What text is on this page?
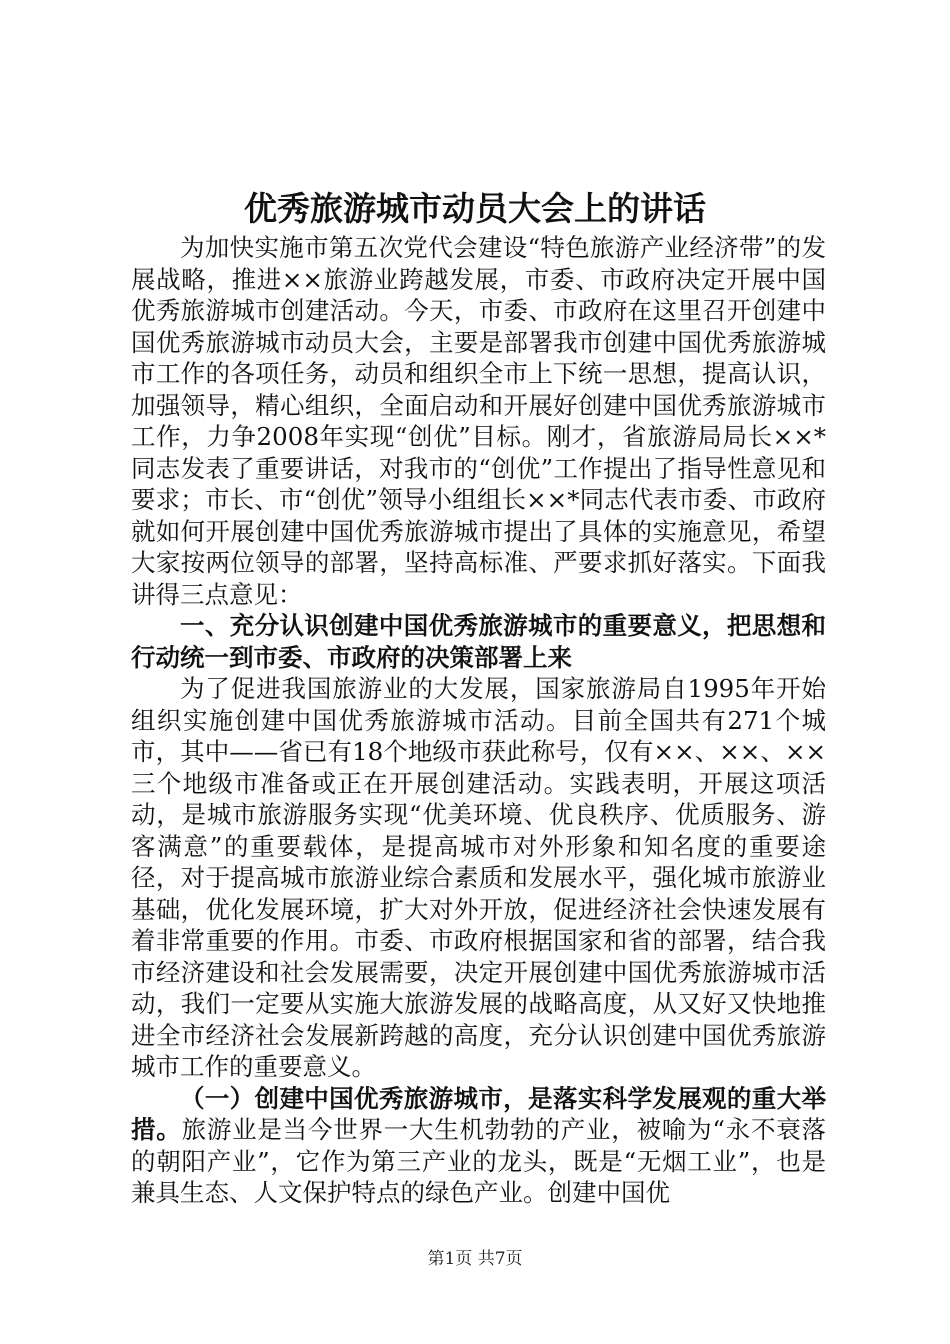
优秀旅游城市动员大会上的讲话

为加快实施市第五次党代会建设“特色旅游产业经济带”的发展战略，推进××旅游业跨越发展，市委、市政府决定开展中国优秀旅游城市创建活动。今天，市委、市政府在这里召开创建中国优秀旅游城市动员大会，主要是部署我市创建中国优秀旅游城市工作的各项任务，动员和组织全市上下统一思想，提高认识，加强领导，精心组织，全面启动和开展好创建中国优秀旅游城市工作，力争2008年实现“创优”目标。刚才，省旅游局局长××*同志发表了重要讲话，对我市的“创优”工作提出了指导性意见和要求；市长、市“创优”领导小组组长××*同志代表市委、市政府就如何开展创建中国优秀旅游城市提出了具体的实施意见，希望大家按两位领导的部署，坚持高标准、严要求抓好落实。下面我讲得三点意见：

一、充分认识创建中国优秀旅游城市的重要意义，把思想和行动统一到市委、市政府的决策部署上来

为了促进我国旅游业的大发展，国家旅游局自1995年开始组织实施创建中国优秀旅游城市活动。目前全国共有271个城市，其中——省已有18个地级市获此称号，仅有××、××、××三个地级市准备或正在开展创建活动。实践表明，开展这项活动，是城市旅游服务实现“优美环境、优良秩序、优质服务、游客满意”的重要载体，是提高城市对外形象和知名度的重要途径，对于提高城市旅游业综合素质和发展水平，强化城市旅游业基础，优化发展环境，扩大对外开放，促进经济社会快速发展有着非常重要的作用。市委、市政府根据国家和省的部署，结合我市经济建设和社会发展需要，决定开展创建中国优秀旅游城市活动，我们一定要从实施大旅游发展的战略高度，从又好又快地推进全市经济社会发展新跨越的高度，充分认识创建中国优秀旅游城市工作的重要意义。

（一）创建中国优秀旅游城市，是落实科学发展观的重大举措。旅游业是当今世界一大生机勃勃的产业，被喻为“永不衰落的朝阳产业”，它作为第三产业的龙头，既是“无烟工业”，也是兼具生态、人文保护特点的绿色产业。创建中国优

第1页 共7页
